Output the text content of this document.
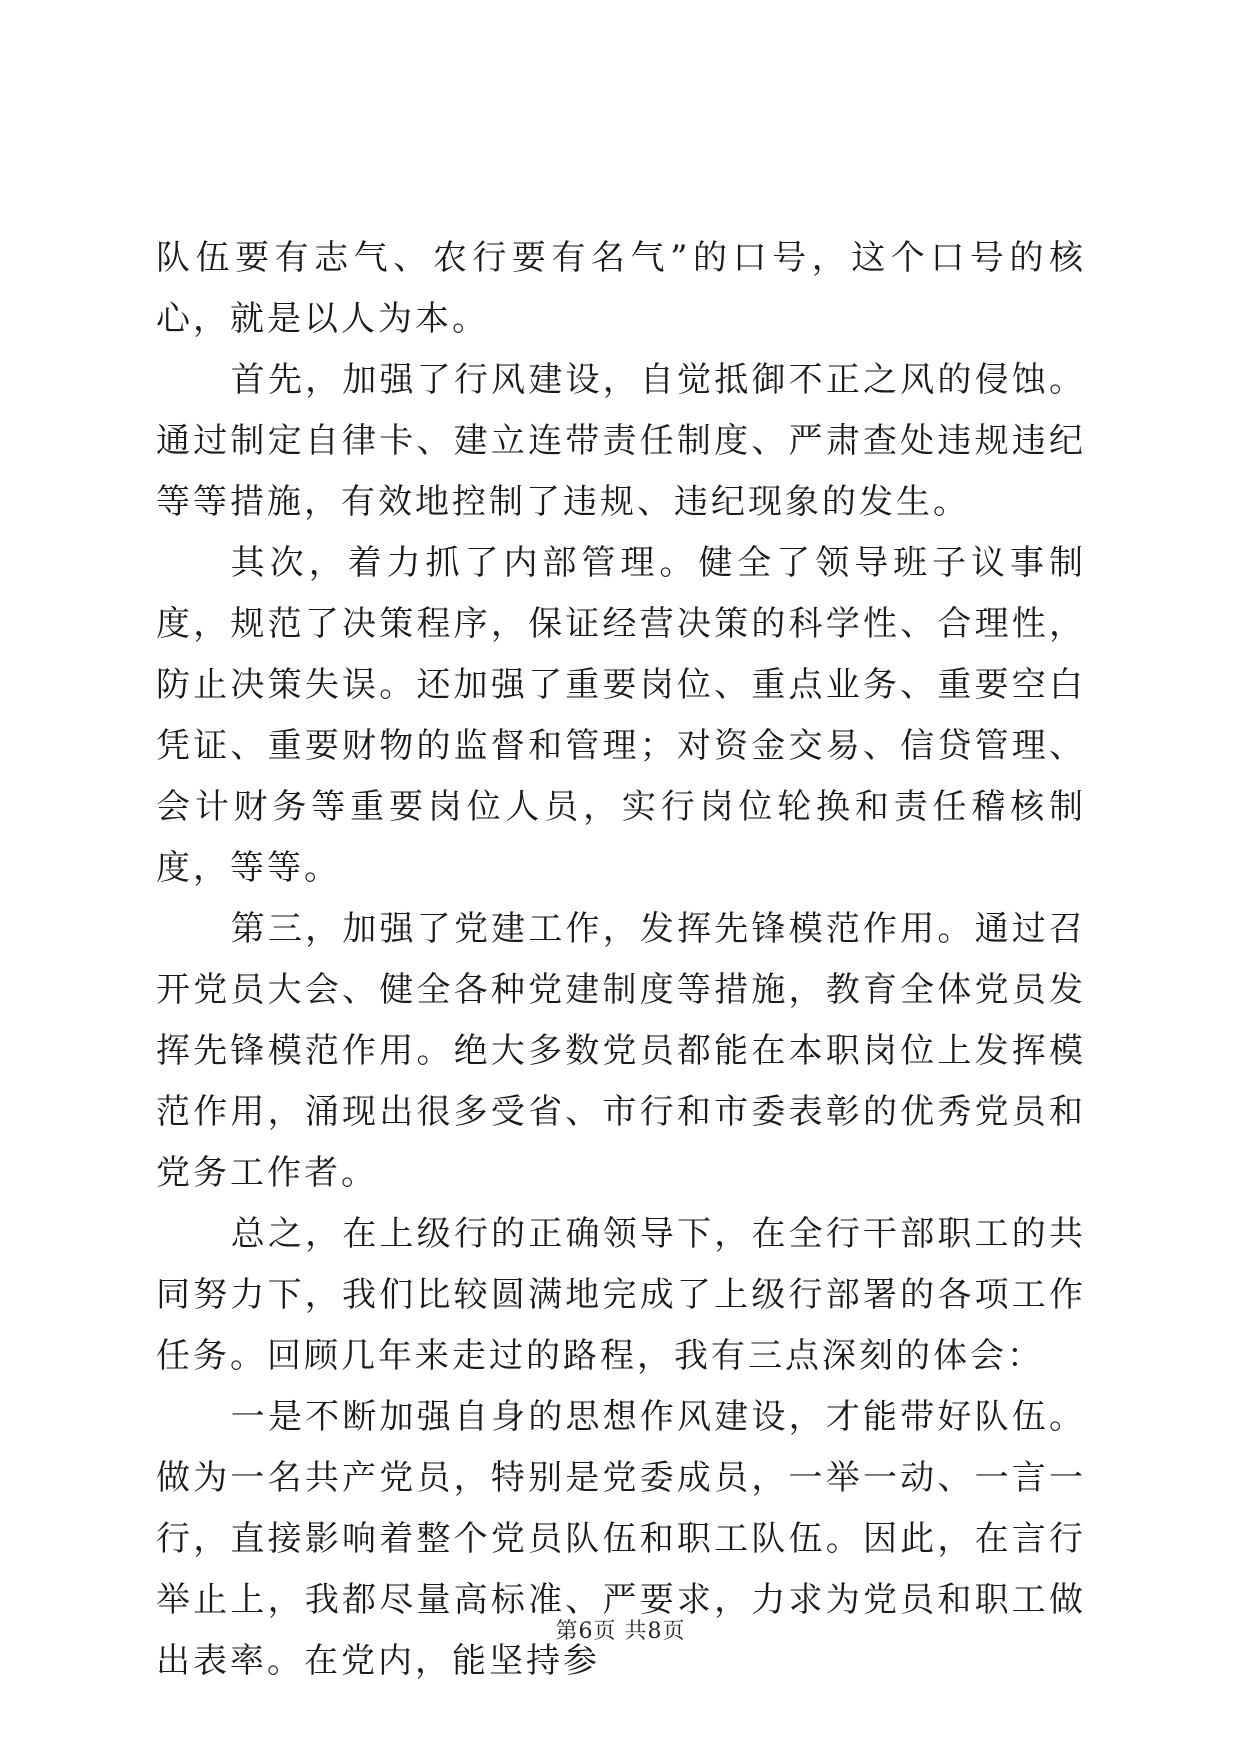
队伍要有志气、农行要有名气”的口号，这个口号的核心，就是以人为本。

首先，加强了行风建设，自觉抵御不正之风的侵蚀。通过制定自律卡、建立连带责任制度、严肃查处违规违纪等等措施，有效地控制了违规、违纪现象的发生。

其次，着力抓了内部管理。健全了领导班子议事制度，规范了决策程序，保证经营决策的科学性、合理性，防止决策失误。还加强了重要岗位、重点业务、重要空白凭证、重要财物的监督和管理；对资金交易、信贷管理、会计财务等重要岗位人员，实行岗位轮换和责任稽核制度，等等。

第三，加强了党建工作，发挥先锋模范作用。通过召开党员大会、健全各种党建制度等措施，教育全体党员发挥先锋模范作用。绝大多数党员都能在本职岗位上发挥模范作用，涌现出很多受省、市行和市委表彰的优秀党员和党务工作者。

总之，在上级行的正确领导下，在全行干部职工的共同努力下，我们比较圆满地完成了上级行部署的各项工作任务。回顾几年来走过的路程，我有三点深刻的体会：

一是不断加强自身的思想作风建设，才能带好队伍。做为一名共产党员，特别是党委成员，一举一动、一言一行，直接影响着整个党员队伍和职工队伍。因此，在言行举止上，我都尽量高标准、严要求，力求为党员和职工做出表率。在党内，能坚持参

第6页 共8页
